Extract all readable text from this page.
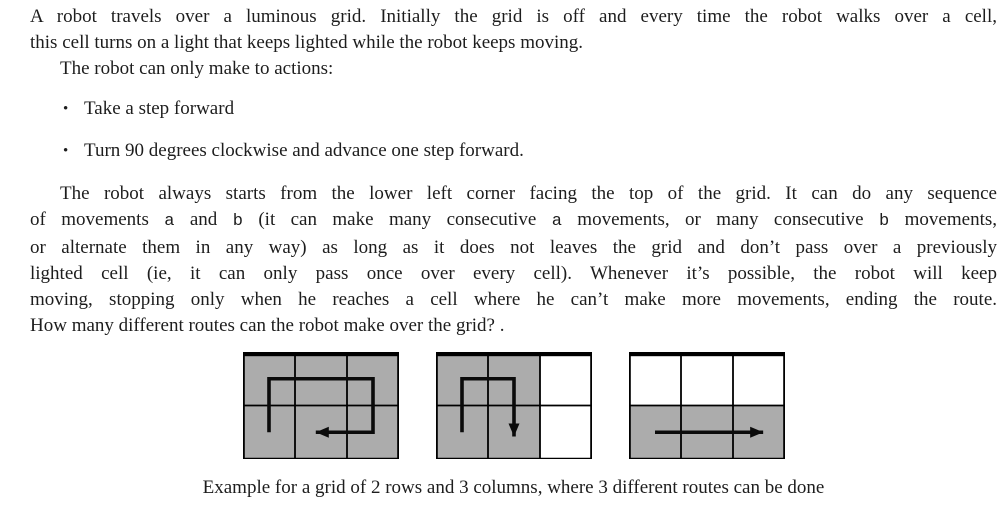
A robot travels over a luminous grid. Initially the grid is off and every time the robot walks over a cell,
this cell turns on a light that keeps lighted while the robot keeps moving.
The robot can only make to actions:
• Take a step forward
• Turn 90 degrees clockwise and advance one step forward.
The robot always starts from the lower left corner facing the top of the grid. It can do any sequence
of movements a and b (it can make many consecutive a movements, or many consecutive b movements,
or alternate them in any way) as long as it does not leaves the grid and don’t pass over a previously
lighted cell (ie, it can only pass once over every cell). Whenever it’s possible, the robot will keep
moving, stopping only when he reaches a cell where he can’t make more movements, ending the route.
How many different routes can the robot make over the grid? .
Example for a grid of 2 rows and 3 columns, where 3 different routes can be done
